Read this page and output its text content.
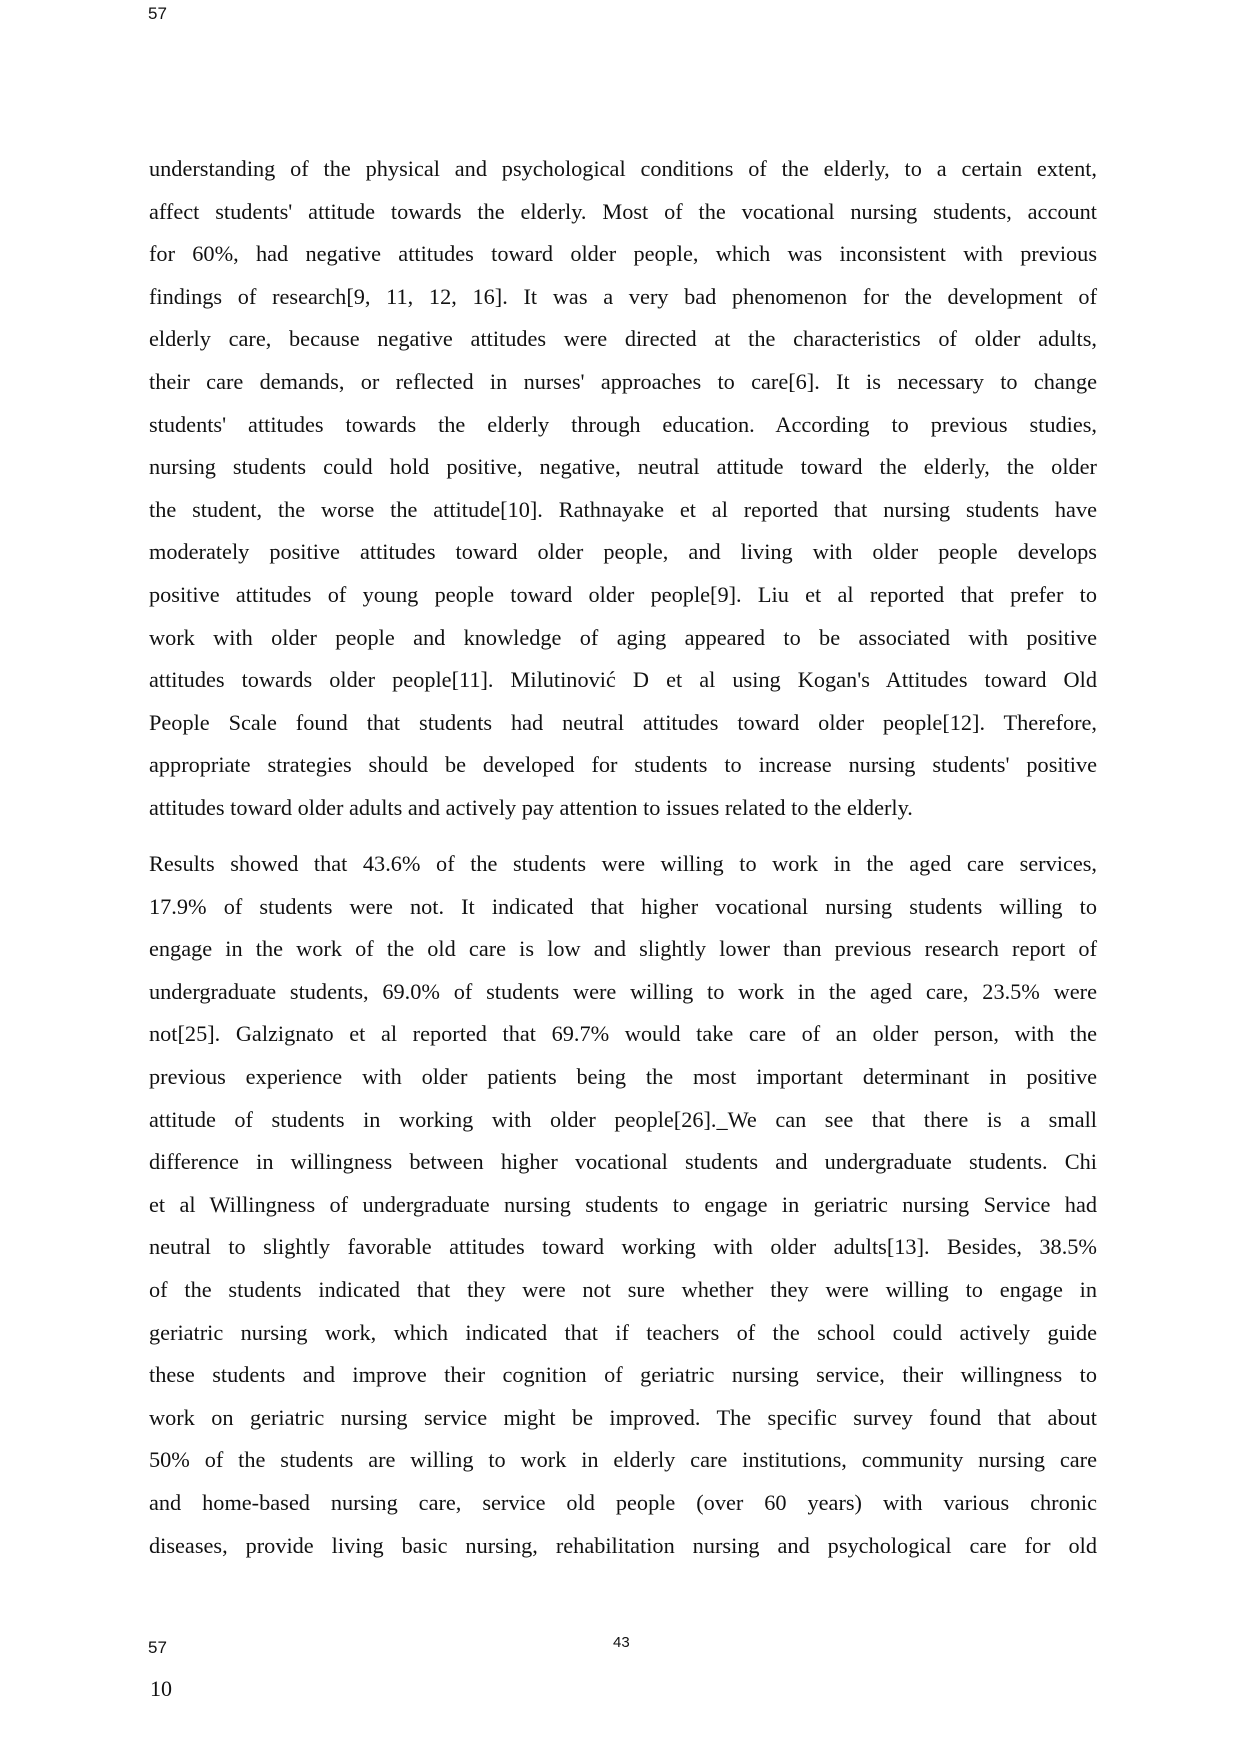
57
understanding of the physical and psychological conditions of the elderly, to a certain extent,
affect students' attitude towards the elderly. Most of the vocational nursing students, account
for 60%, had negative attitudes toward older people, which was inconsistent with previous
findings of research[9, 11, 12, 16]. It was a very bad phenomenon for the development of
elderly care, because negative attitudes were directed at the characteristics of older adults,
their care demands, or reflected in nurses' approaches to care[6]. It is necessary to change
students' attitudes towards the elderly through education. According to previous studies,
nursing students could hold positive, negative, neutral attitude toward the elderly, the older
the student, the worse the attitude[10]. Rathnayake et al reported that nursing students have
moderately positive attitudes toward older people, and living with older people develops
positive attitudes of young people toward older people[9]. Liu et al reported that prefer to
work with older people and knowledge of aging appeared to be associated with positive
attitudes towards older people[11]. Milutinović D et al using Kogan's Attitudes toward Old
People Scale found that students had neutral attitudes toward older people[12]. Therefore,
appropriate strategies should be developed for students to increase nursing students' positive
attitudes toward older adults and actively pay attention to issues related to the elderly.
Results showed that 43.6% of the students were willing to work in the aged care services,
17.9% of students were not. It indicated that higher vocational nursing students willing to
engage in the work of the old care is low and slightly lower than previous research report of
undergraduate students, 69.0% of students were willing to work in the aged care, 23.5% were
not[25]. Galzignato et al reported that 69.7% would take care of an older person, with the
previous experience with older patients being the most important determinant in positive
attitude of students in working with older people[26]._We can see that there is a small
difference in willingness between higher vocational students and undergraduate students. Chi
et al Willingness of undergraduate nursing students to engage in geriatric nursing Service had
neutral to slightly favorable attitudes toward working with older adults[13]. Besides, 38.5%
of the students indicated that they were not sure whether they were willing to engage in
geriatric nursing work, which indicated that if teachers of the school could actively guide
these students and improve their cognition of geriatric nursing service, their willingness to
work on geriatric nursing service might be improved. The specific survey found that about
50% of the students are willing to work in elderly care institutions, community nursing care
and home-based nursing care, service old people (over 60 years) with various chronic
diseases, provide living basic nursing, rehabilitation nursing and psychological care for old
57	43
10
